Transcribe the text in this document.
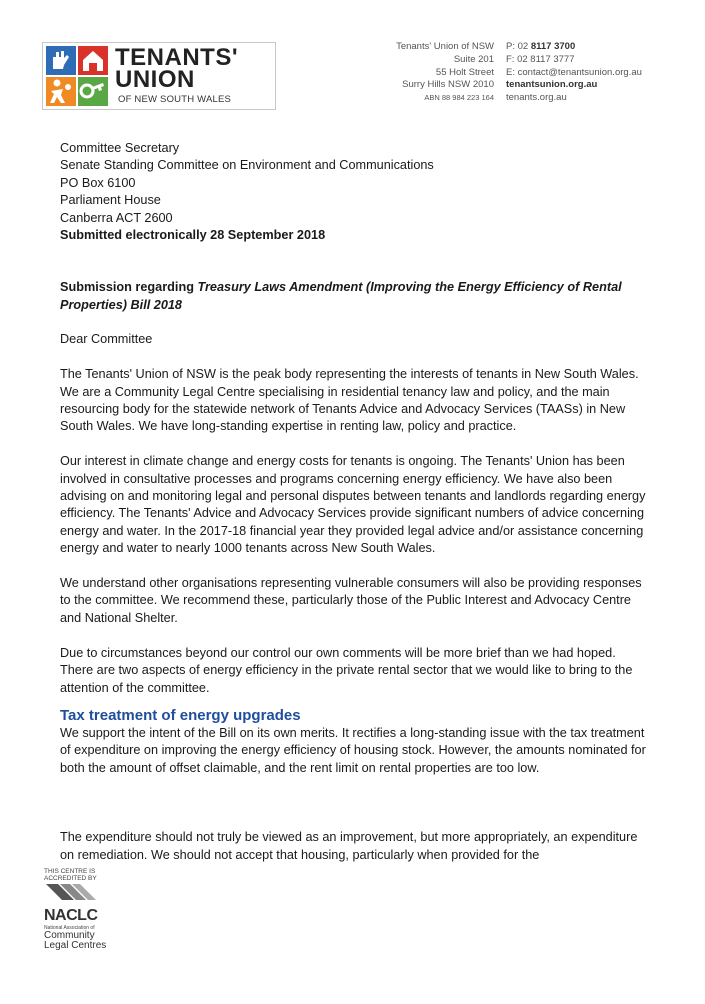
TENANTS'
UNION
OF NEW SOUTH WALES
Tenants' Union of NSW
Suite 201
55 Holt Street
Surry Hills NSW 2010
ABN 88 984 223 164
P: 02 8117 3700
F: 02 8117 3777
E: contact@tenantsunion.org.au
tenantsunion.org.au
tenants.org.au

Committee Secretary

Senate Standing Committee on Environment and Communications

PO Box 6100

Parliament House

Canberra ACT 2600

Submitted electronically 28 September 2018

Submission regarding Treasury Laws Amendment (Improving the Energy Efficiency of Rental Properties) Bill 2018

Dear Committee

The Tenants' Union of NSW is the peak body representing the interests of tenants in New South Wales. We are a Community Legal Centre specialising in residential tenancy law and policy, and the main resourcing body for the statewide network of Tenants Advice and Advocacy Services (TAASs) in New South Wales. We have long-standing expertise in renting law, policy and practice.

Our interest in climate change and energy costs for tenants is ongoing. The Tenants' Union has been involved in consultative processes and programs concerning energy efficiency. We have also been advising on and monitoring legal and personal disputes between tenants and landlords regarding energy efficiency. The Tenants' Advice and Advocacy Services provide significant numbers of advice concerning energy and water. In the 2017-18 financial year they provided legal advice and/or assistance concerning energy and water to nearly 1000 tenants across New South Wales.

We understand other organisations representing vulnerable consumers will also be providing responses to the committee. We recommend these, particularly those of the Public Interest and Advocacy Centre and National Shelter.

Due to circumstances beyond our control our own comments will be more brief than we had hoped. There are two aspects of energy efficiency in the private rental sector that we would like to bring to the attention of the committee.

Tax treatment of energy upgrades

We support the intent of the Bill on its own merits. It rectifies a long-standing issue with the tax treatment of expenditure on improving the energy efficiency of housing stock. However, the amounts nominated for both the amount of offset claimable, and the rent limit on rental properties are too low.

The expenditure should not truly be viewed as an improvement, but more appropriately, an expenditure on remediation. We should not accept that housing, particularly when provided for the

THIS CENTRE IS
ACCREDITED BY
NACLC
National Association of
Community
Legal Centres
